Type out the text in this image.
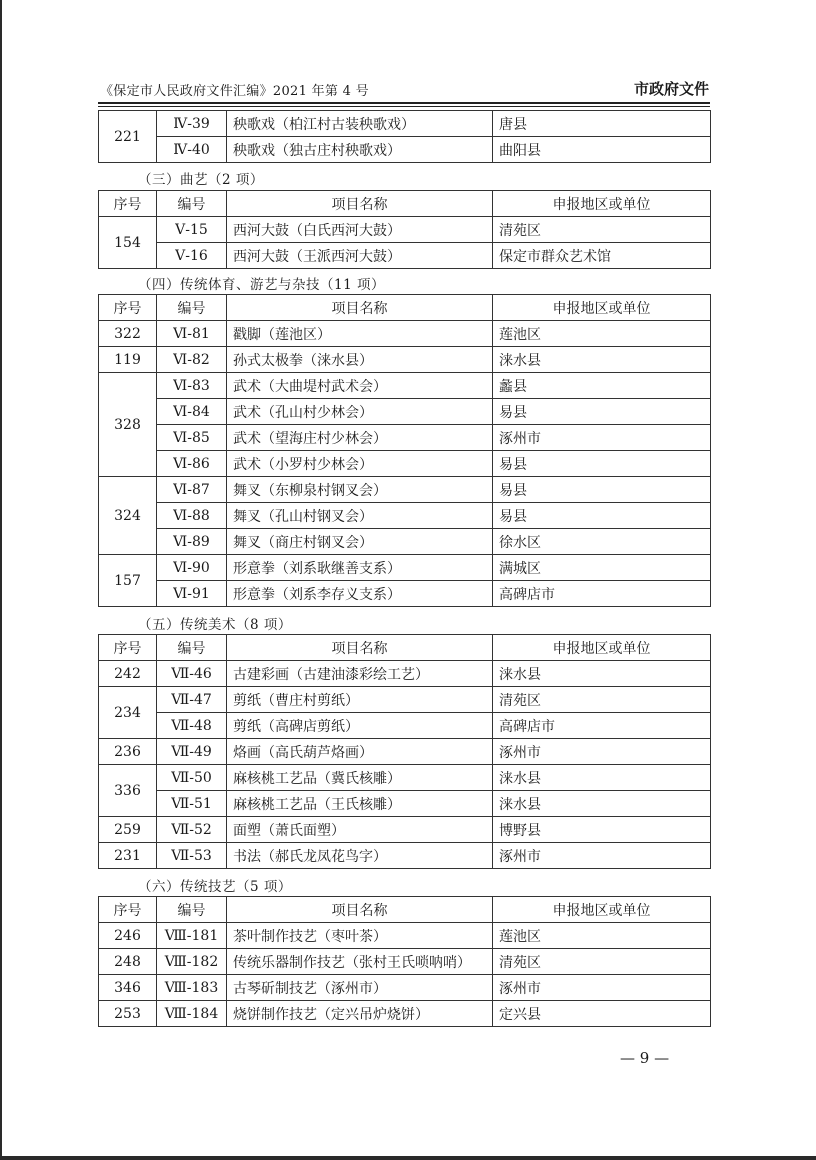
《保定市人民政府文件汇编》2021 年第 4 号	市政府文件
221	Ⅳ-39	秧歌戏（柏江村古装秧歌戏）	唐县
	Ⅳ-40	秧歌戏（独古庄村秧歌戏）	曲阳县
（三）曲艺（2 项）
序号	编号	项目名称	申报地区或单位
154	Ⅴ-15	西河大鼓（白氏西河大鼓）	清苑区
	Ⅴ-16	西河大鼓（王派西河大鼓）	保定市群众艺术馆
（四）传统体育、游艺与杂技（11 项）
序号	编号	项目名称	申报地区或单位
322	Ⅵ-81	戳脚（莲池区）	莲池区
119	Ⅵ-82	孙式太极拳（涞水县）	涞水县
328	Ⅵ-83	武术（大曲堤村武术会）	蠡县
	Ⅵ-84	武术（孔山村少林会）	易县
	Ⅵ-85	武术（望海庄村少林会）	涿州市
	Ⅵ-86	武术（小罗村少林会）	易县
324	Ⅵ-87	舞叉（东柳泉村钢叉会）	易县
	Ⅵ-88	舞叉（孔山村钢叉会）	易县
	Ⅵ-89	舞叉（商庄村钢叉会）	徐水区
157	Ⅵ-90	形意拳（刘系耿继善支系）	满城区
	Ⅵ-91	形意拳（刘系李存义支系）	高碑店市
（五）传统美术（8 项）
序号	编号	项目名称	申报地区或单位
242	Ⅶ-46	古建彩画（古建油漆彩绘工艺）	涞水县
234	Ⅶ-47	剪纸（曹庄村剪纸）	清苑区
	Ⅶ-48	剪纸（高碑店剪纸）	高碑店市
236	Ⅶ-49	烙画（高氏葫芦烙画）	涿州市
336	Ⅶ-50	麻核桃工艺品（冀氏核雕）	涞水县
	Ⅶ-51	麻核桃工艺品（王氏核雕）	涞水县
259	Ⅶ-52	面塑（萧氏面塑）	博野县
231	Ⅶ-53	书法（郝氏龙凤花鸟字）	涿州市
（六）传统技艺（5 项）
序号	编号	项目名称	申报地区或单位
246	Ⅷ-181	茶叶制作技艺（枣叶茶）	莲池区
248	Ⅷ-182	传统乐器制作技艺（张村王氏唢呐哨）	清苑区
346	Ⅷ-183	古琴斫制技艺（涿州市）	涿州市
253	Ⅷ-184	烧饼制作技艺（定兴吊炉烧饼）	定兴县
— 9 —
